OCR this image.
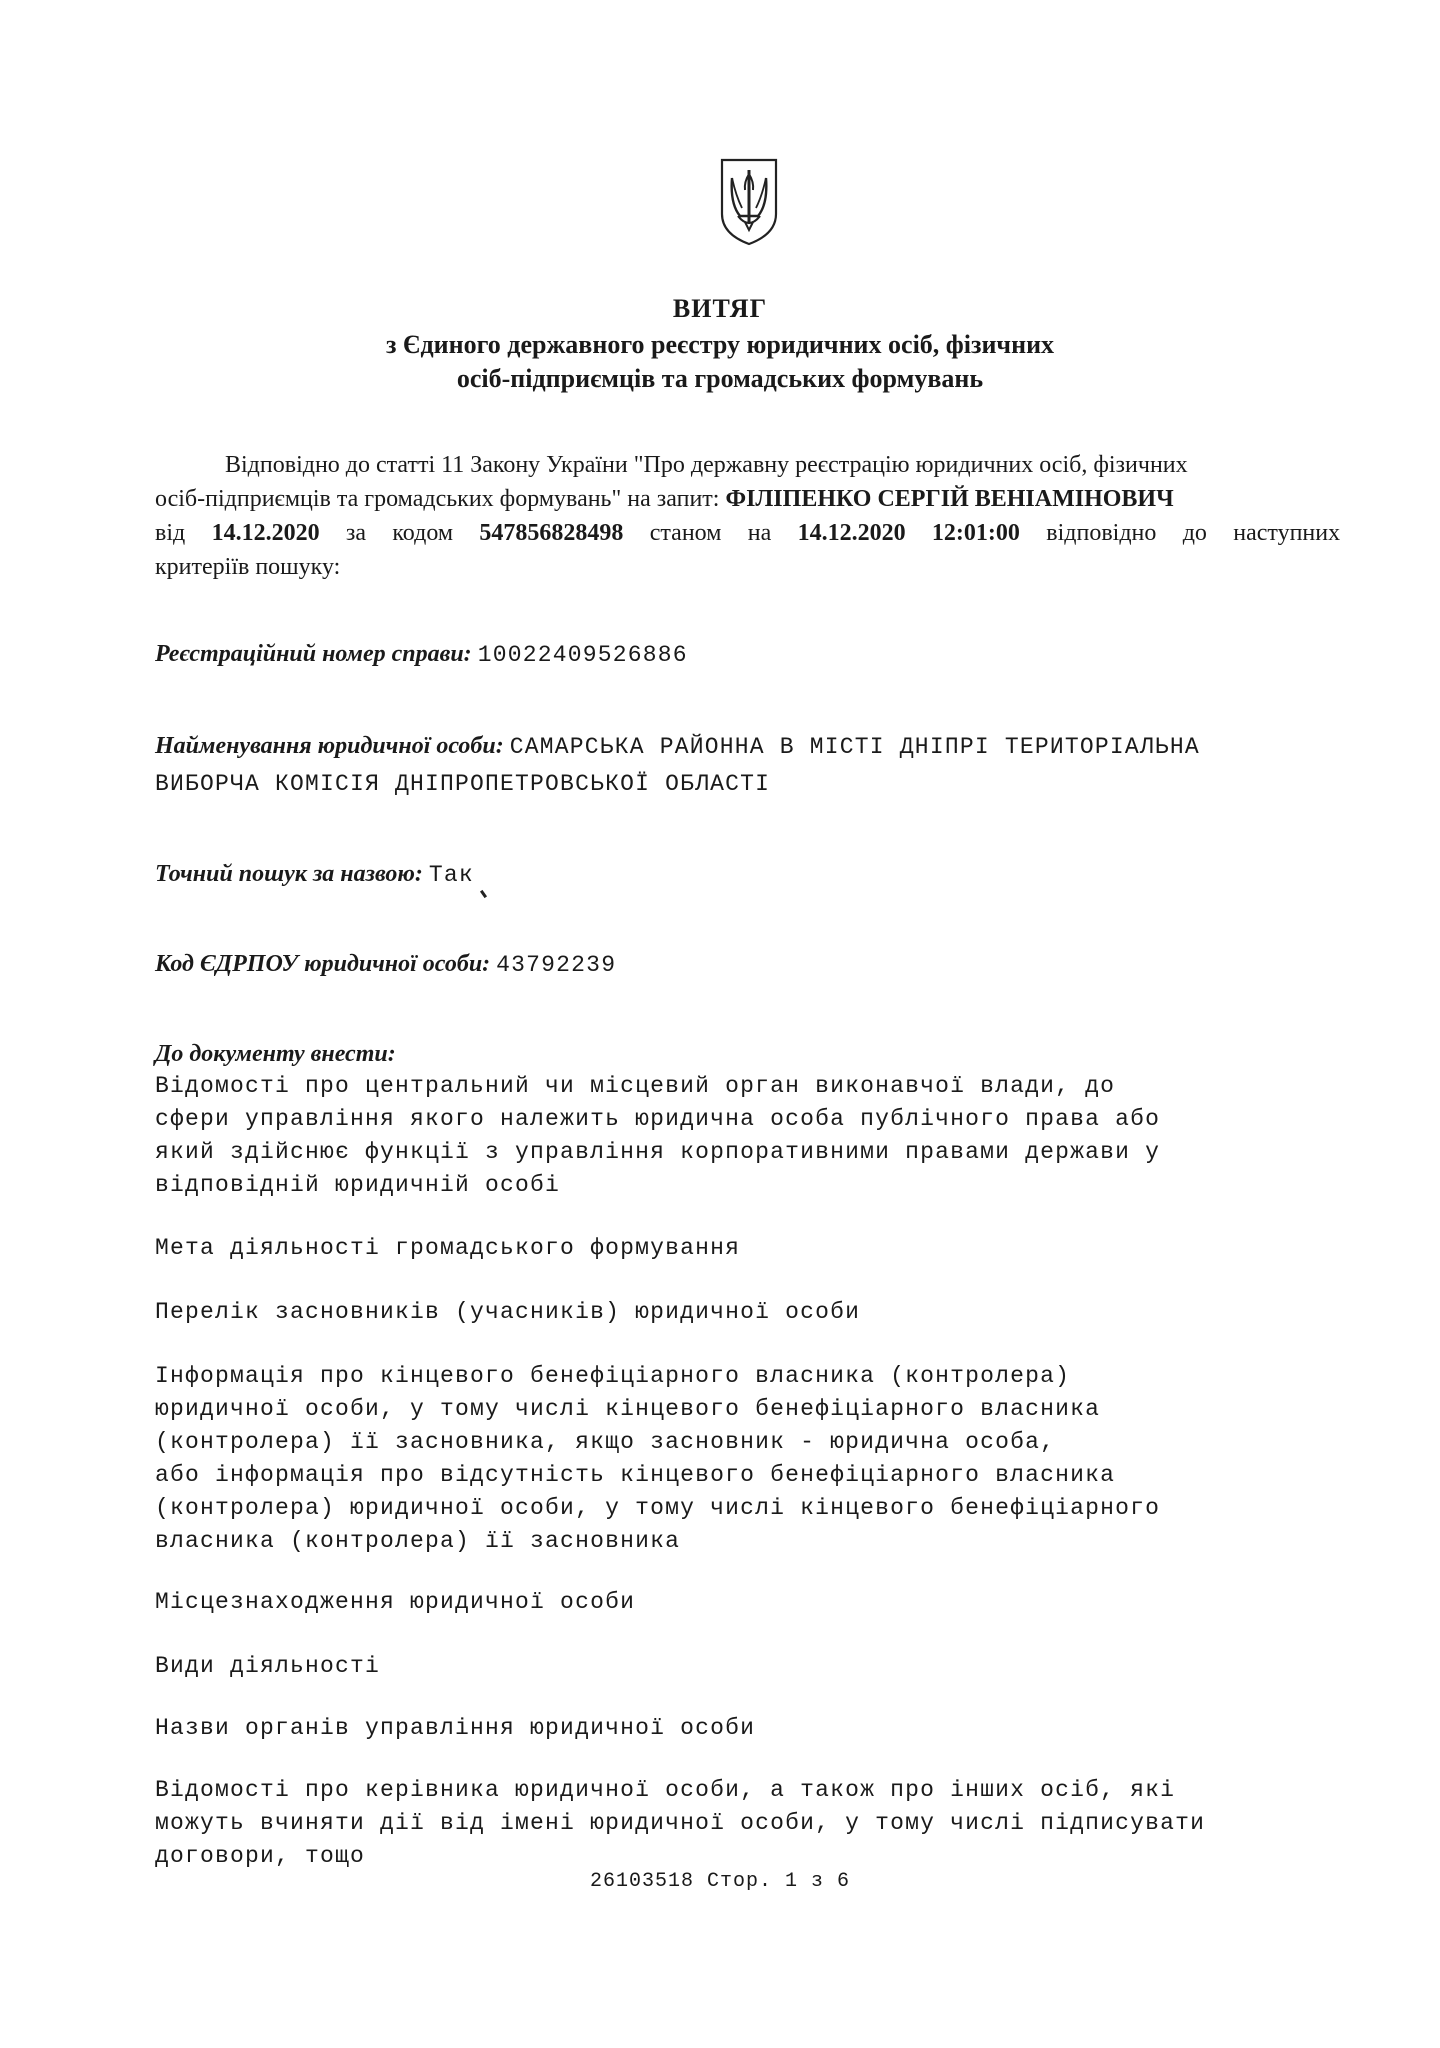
ВИТЯГ
з Єдиного державного реєстру юридичних осіб, фізичних
осіб-підприємців та громадських формувань
Відповідно до статті 11 Закону України "Про державну реєстрацію юридичних осіб, фізичних
осіб-підприємців та громадських формувань" на запит: ФІЛІПЕНКО СЕРГІЙ ВЕНІАМІНОВИЧ
від 14.12.2020 за кодом 547856828498 станом на 14.12.2020 12:01:00 відповідно до наступних
критеріїв пошуку:
Реєстраційний номер справи: 10022409526886
Найменування юридичної особи: САМАРСЬКА РАЙОННА В МІСТІ ДНІПРІ ТЕРИТОРІАЛЬНА
ВИБОРЧА КОМІСІЯ ДНІПРОПЕТРОВСЬКОЇ ОБЛАСТІ
Точний пошук за назвою: Так
Код ЄДРПОУ юридичної особи: 43792239
До документу внести:
Відомості про центральний чи місцевий орган виконавчої влади, до
сфери управління якого належить юридична особа публічного права або
який здійснює функції з управління корпоративними правами держави у
відповідній юридичній особі
Мета діяльності громадського формування
Перелік засновників (учасників) юридичної особи
Інформація про кінцевого бенефіціарного власника (контролера)
юридичної особи, у тому числі кінцевого бенефіціарного власника
(контролера) її засновника, якщо засновник - юридична особа,
або інформація про відсутність кінцевого бенефіціарного власника
(контролера) юридичної особи, у тому числі кінцевого бенефіціарного
власника (контролера) її засновника
Місцезнаходження юридичної особи
Види діяльності
Назви органів управління юридичної особи
Відомості про керівника юридичної особи, а також про інших осіб, які
можуть вчиняти дії від імені юридичної особи, у тому числі підписувати
договори, тощо
26103518 Стор. 1 з 6
